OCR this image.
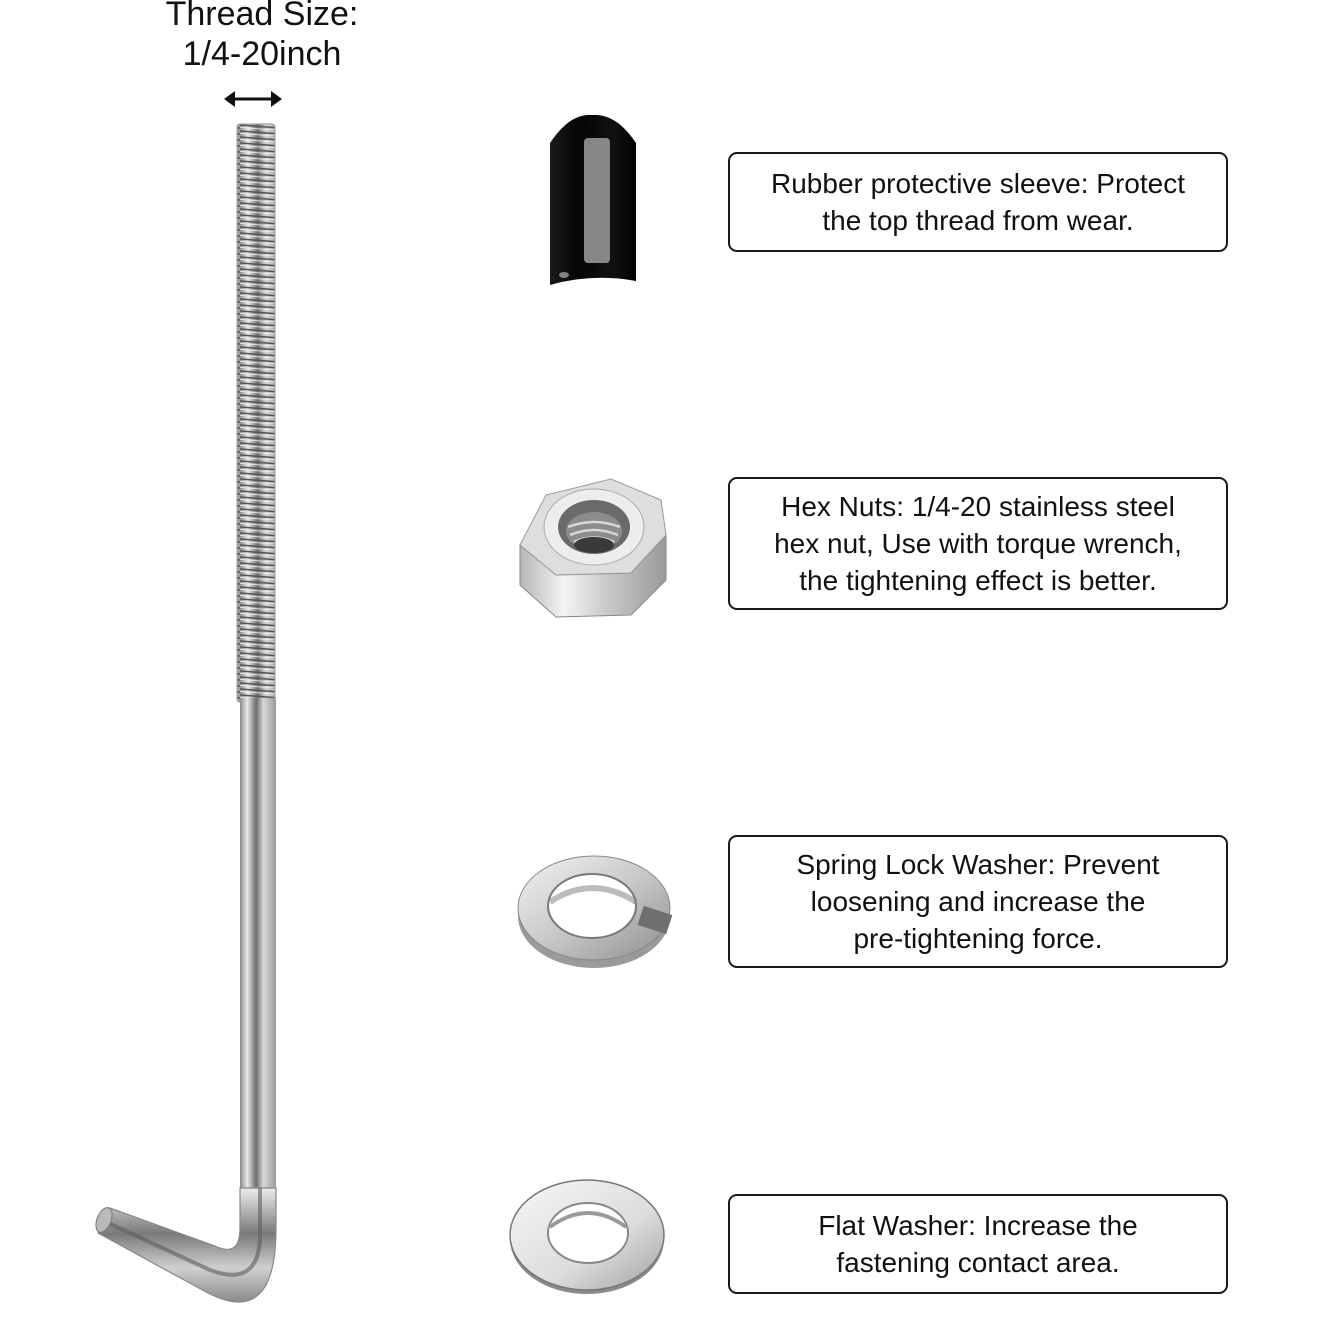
Thread Size:
1/4-20inch
Rubber protective sleeve: Protect
the top thread from wear.
Hex Nuts: 1/4-20 stainless steel
hex nut, Use with torque wrench,
the tightening effect is better.
Spring Lock Washer: Prevent
loosening and increase the
pre-tightening force.
Flat Washer: Increase the
fastening contact area.
